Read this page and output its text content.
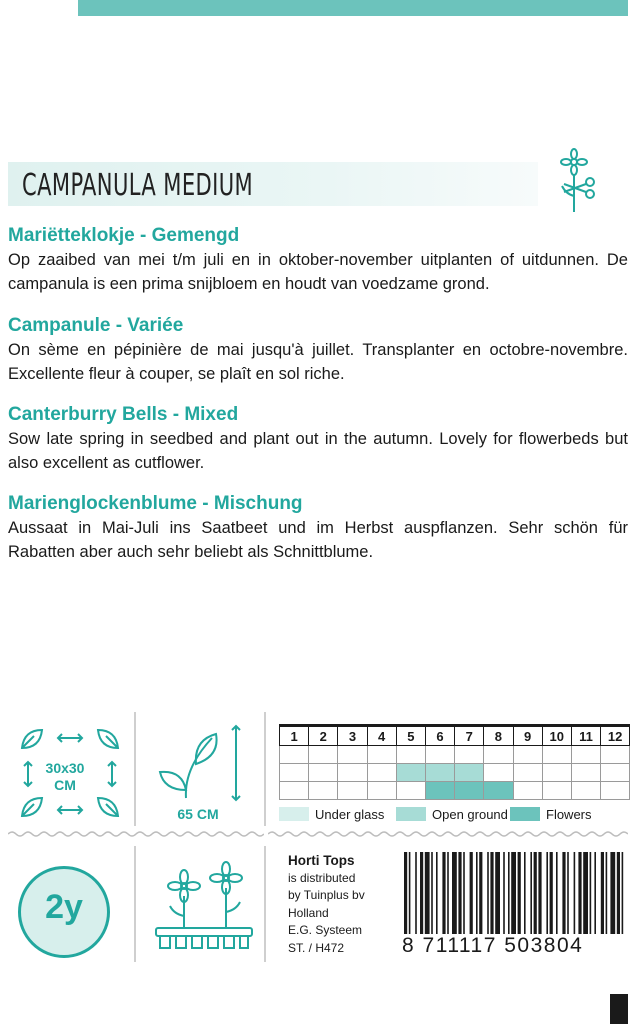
CAMPANULA MEDIUM
Mariëtteklokje - Gemengd

Op zaaibed van mei t/m juli en in oktober-november uitplanten of uitdunnen. De campanula is een prima snijbloem en houdt van voedzame grond.

Campanule - Variée

On sème en pépinière de mai jusqu'à juillet. Transplanter en octobre-novembre. Excellente fleur à couper, se plaît en sol riche.

Canterburry Bells - Mixed

Sow late spring in seedbed and plant out in the autumn. Lovely for flowerbeds but also excellent as cutflower.

Marienglockenblume - Mischung

Aussaat in Mai-Juli ins Saatbeet und im Herbst auspflanzen. Sehr schön für Rabatten aber auch sehr beliebt als Schnittblume.

30x30
CM
65 CM
1	2	3	4	5	6	7	8	9	10	11	12

Under glass	Open ground	Flowers
2y
Horti Tops
is distributed
by Tuinplus bv
Holland
E.G. Systeem
ST. / H472	8 711117 503804
